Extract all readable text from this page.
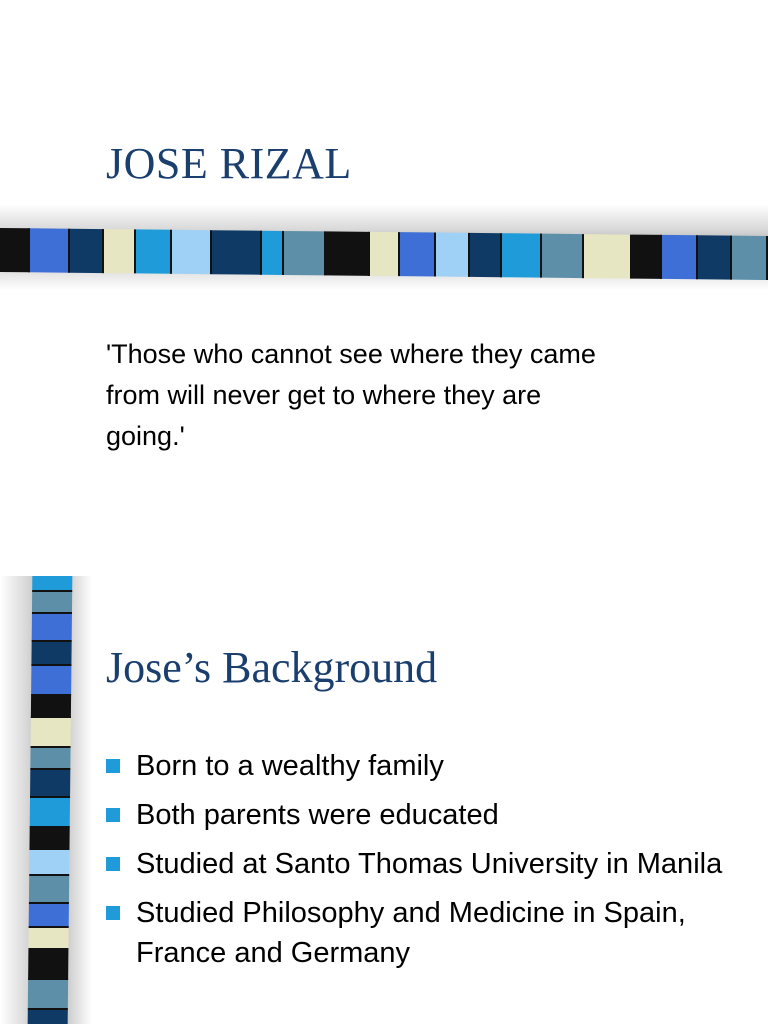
JOSE RIZAL

'Those who cannot see where they came from will never get to where they are going.'

Jose’s Background
Born to a wealthy family
Both parents were educated
Studied at Santo Thomas University in Manila
Studied Philosophy and Medicine in Spain, France and Germany
